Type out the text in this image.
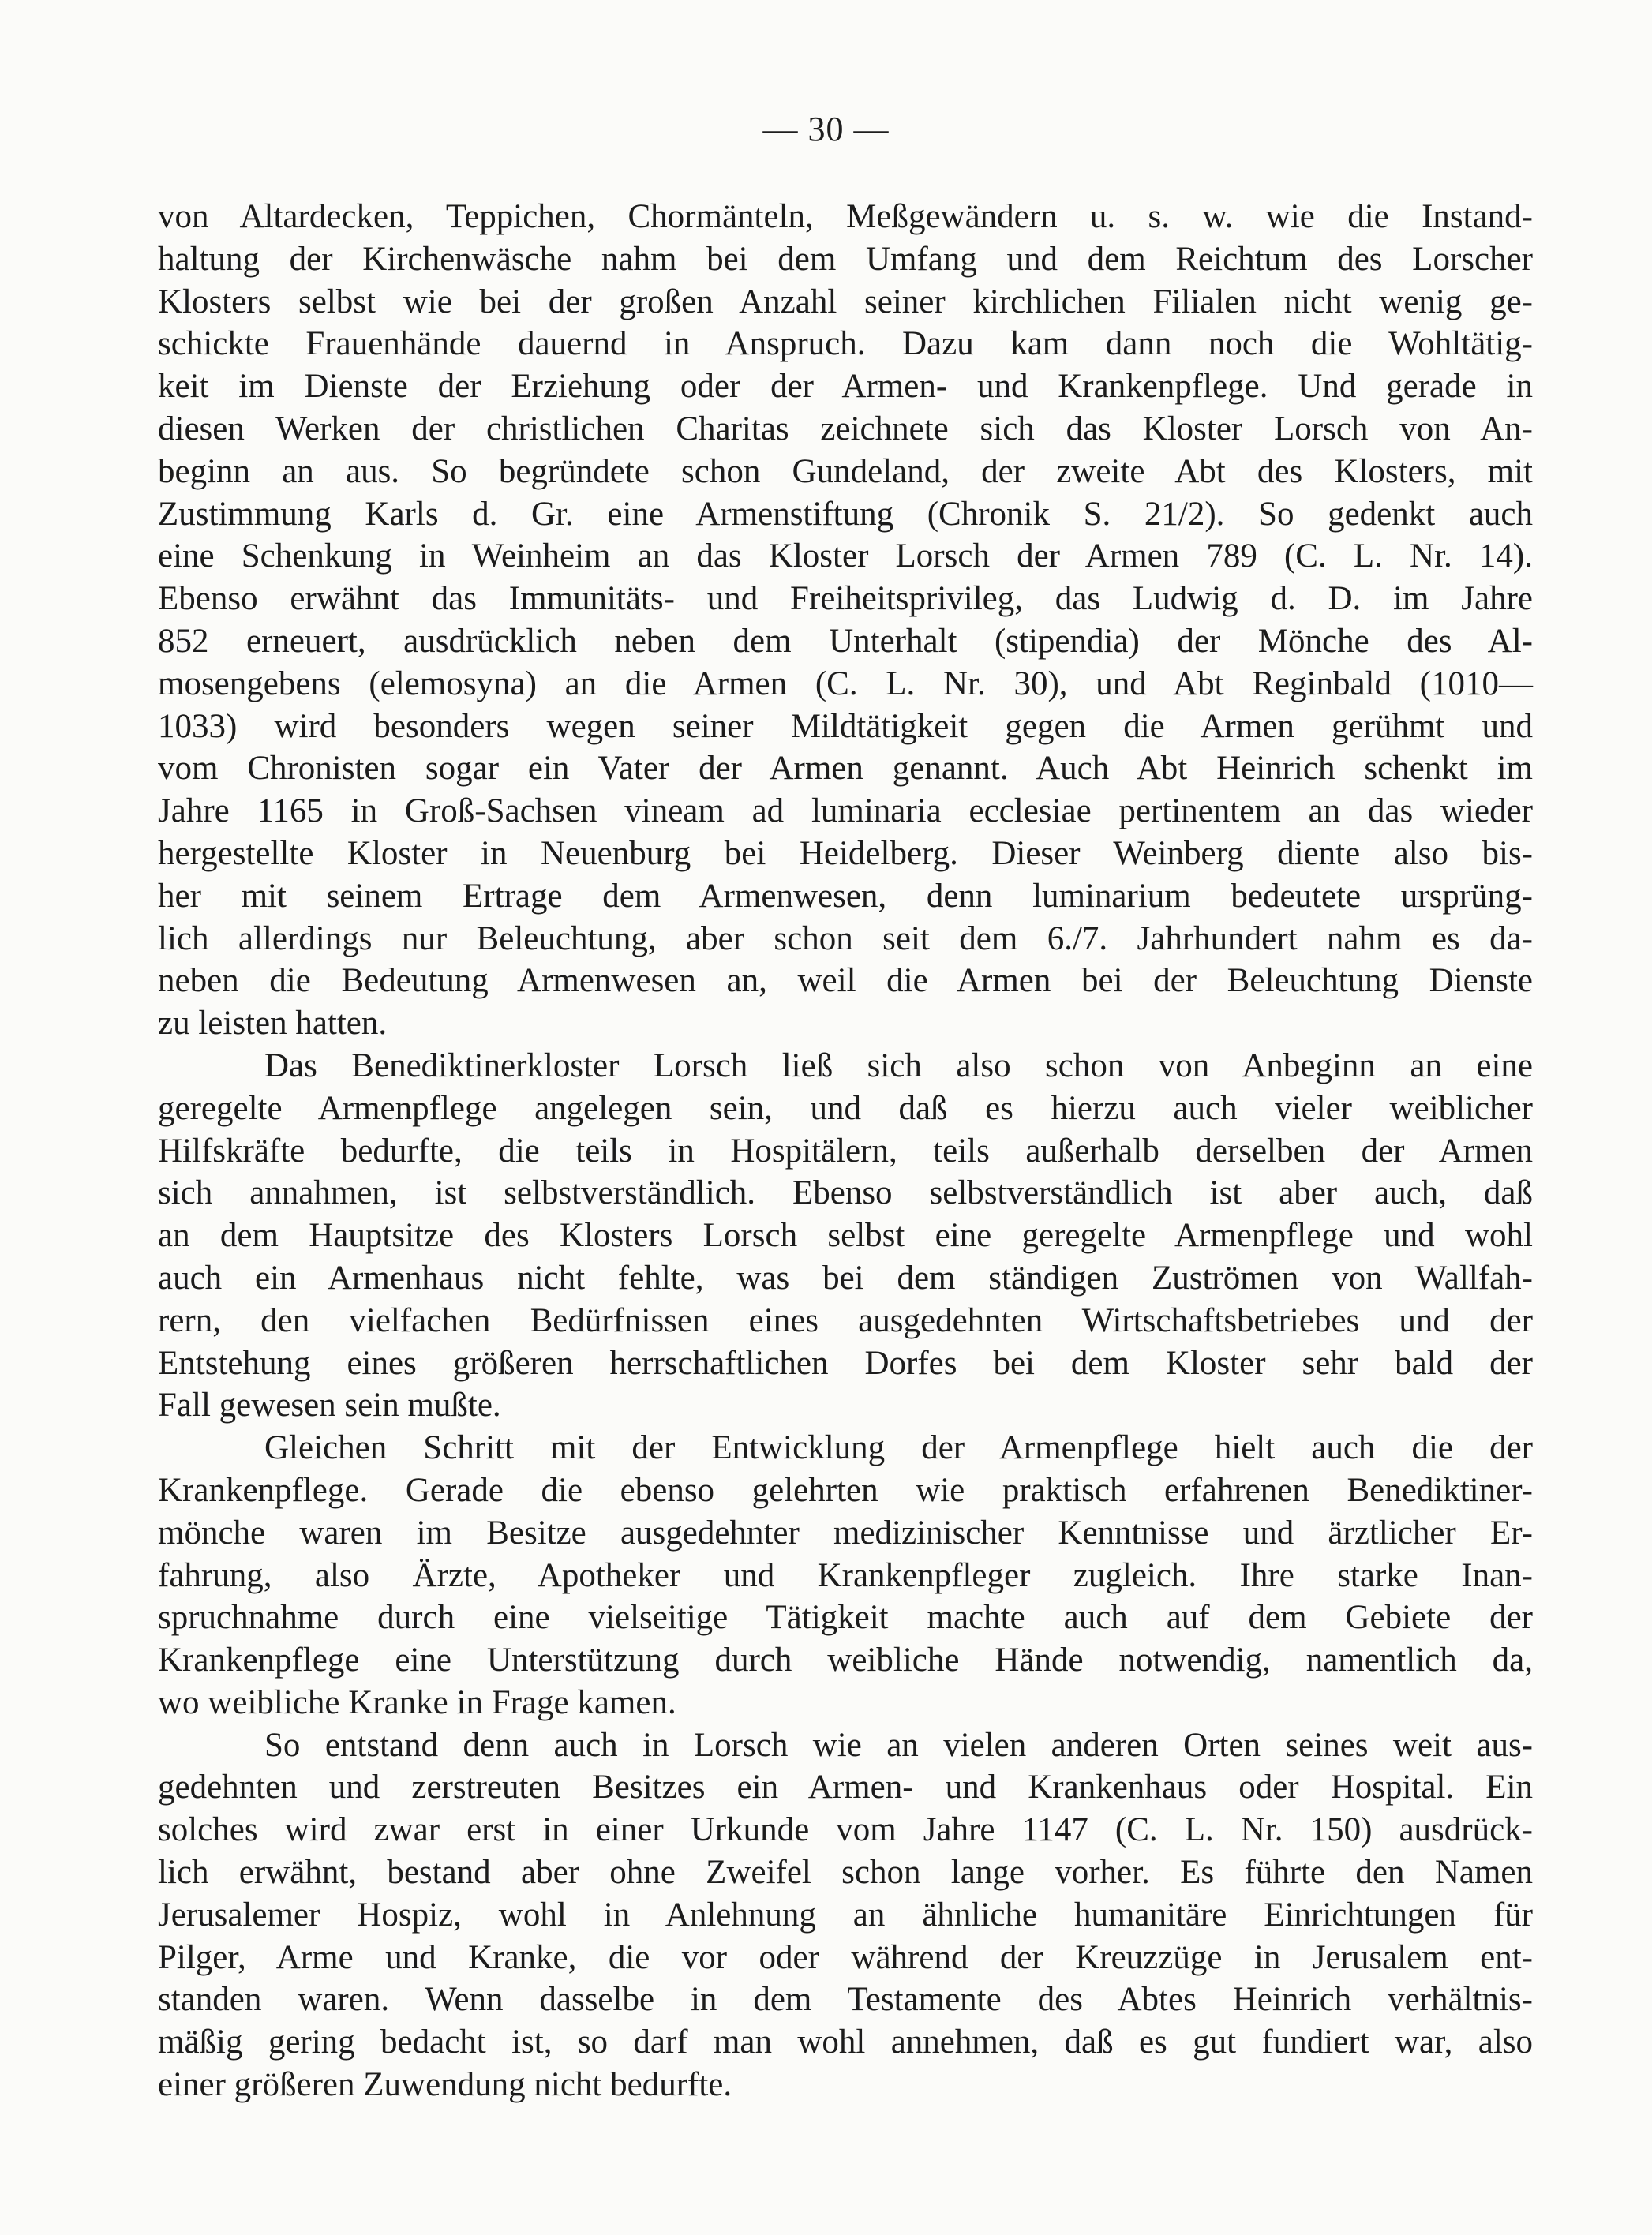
— 30 —
von Altardecken, Teppichen, Chormänteln, Meßgewändern u. s. w. wie die Instand-
haltung der Kirchenwäsche nahm bei dem Umfang und dem Reichtum des Lorscher
Klosters selbst wie bei der großen Anzahl seiner kirchlichen Filialen nicht wenig ge-
schickte Frauenhände dauernd in Anspruch. Dazu kam dann noch die Wohltätig-
keit im Dienste der Erziehung oder der Armen- und Krankenpflege. Und gerade in
diesen Werken der christlichen Charitas zeichnete sich das Kloster Lorsch von An-
beginn an aus. So begründete schon Gundeland, der zweite Abt des Klosters, mit
Zustimmung Karls d. Gr. eine Armenstiftung (Chronik S. 21/2). So gedenkt auch
eine Schenkung in Weinheim an das Kloster Lorsch der Armen 789 (C. L. Nr. 14).
Ebenso erwähnt das Immunitäts- und Freiheitsprivileg, das Ludwig d. D. im Jahre
852 erneuert, ausdrücklich neben dem Unterhalt (stipendia) der Mönche des Al-
mosengebens (elemosyna) an die Armen (C. L. Nr. 30), und Abt Reginbald (1010—
1033) wird besonders wegen seiner Mildtätigkeit gegen die Armen gerühmt und
vom Chronisten sogar ein Vater der Armen genannt. Auch Abt Heinrich schenkt im
Jahre 1165 in Groß-Sachsen vineam ad luminaria ecclesiae pertinentem an das wieder
hergestellte Kloster in Neuenburg bei Heidelberg. Dieser Weinberg diente also bis-
her mit seinem Ertrage dem Armenwesen, denn luminarium bedeutete ursprüng-
lich allerdings nur Beleuchtung, aber schon seit dem 6./7. Jahrhundert nahm es da-
neben die Bedeutung Armenwesen an, weil die Armen bei der Beleuchtung Dienste
zu leisten hatten.
Das Benediktinerkloster Lorsch ließ sich also schon von Anbeginn an eine
geregelte Armenpflege angelegen sein, und daß es hierzu auch vieler weiblicher
Hilfskräfte bedurfte, die teils in Hospitälern, teils außerhalb derselben der Armen
sich annahmen, ist selbstverständlich. Ebenso selbstverständlich ist aber auch, daß
an dem Hauptsitze des Klosters Lorsch selbst eine geregelte Armenpflege und wohl
auch ein Armenhaus nicht fehlte, was bei dem ständigen Zuströmen von Wallfah-
rern, den vielfachen Bedürfnissen eines ausgedehnten Wirtschaftsbetriebes und der
Entstehung eines größeren herrschaftlichen Dorfes bei dem Kloster sehr bald der
Fall gewesen sein mußte.
Gleichen Schritt mit der Entwicklung der Armenpflege hielt auch die der
Krankenpflege. Gerade die ebenso gelehrten wie praktisch erfahrenen Benediktiner-
mönche waren im Besitze ausgedehnter medizinischer Kenntnisse und ärztlicher Er-
fahrung, also Ärzte, Apotheker und Krankenpfleger zugleich. Ihre starke Inan-
spruchnahme durch eine vielseitige Tätigkeit machte auch auf dem Gebiete der
Krankenpflege eine Unterstützung durch weibliche Hände notwendig, namentlich da,
wo weibliche Kranke in Frage kamen.
So entstand denn auch in Lorsch wie an vielen anderen Orten seines weit aus-
gedehnten und zerstreuten Besitzes ein Armen- und Krankenhaus oder Hospital. Ein
solches wird zwar erst in einer Urkunde vom Jahre 1147 (C. L. Nr. 150) ausdrück-
lich erwähnt, bestand aber ohne Zweifel schon lange vorher. Es führte den Namen
Jerusalemer Hospiz, wohl in Anlehnung an ähnliche humanitäre Einrichtungen für
Pilger, Arme und Kranke, die vor oder während der Kreuzzüge in Jerusalem ent-
standen waren. Wenn dasselbe in dem Testamente des Abtes Heinrich verhältnis-
mäßig gering bedacht ist, so darf man wohl annehmen, daß es gut fundiert war, also
einer größeren Zuwendung nicht bedurfte.
